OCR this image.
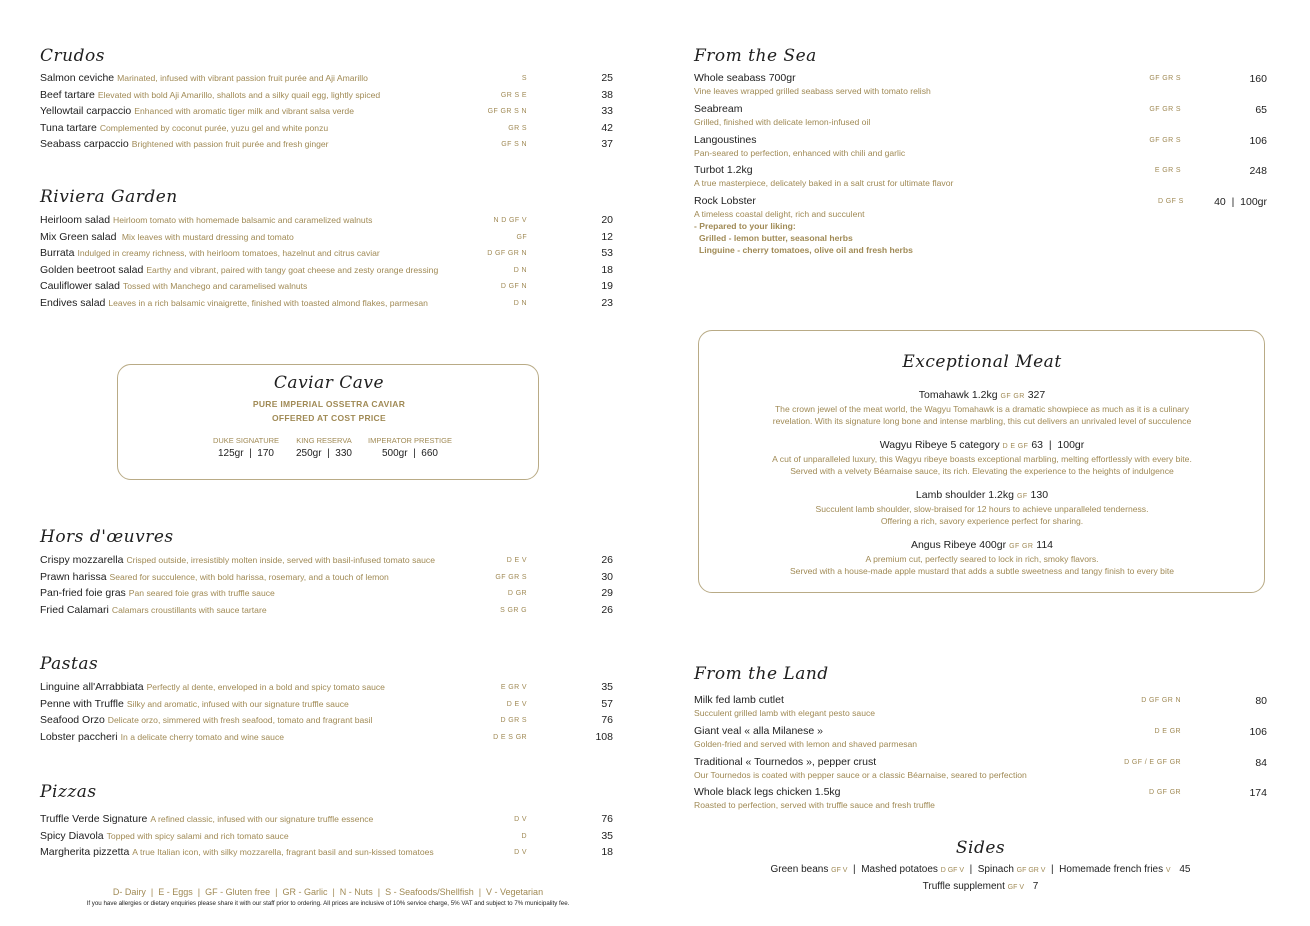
Crudos
Salmon ceviche Marinated, infused with vibrant passion fruit purée and Aji Amarillo	S	25
Beef tartare Elevated with bold Aji Amarillo, shallots and a silky quail egg, lightly spiced	GR S E	38
Yellowtail carpaccio Enhanced with aromatic tiger milk and vibrant salsa verde	GF GR S N	33
Tuna tartare Complemented by coconut purée, yuzu gel and white ponzu	GR S	42
Seabass carpaccio Brightened with passion fruit purée and fresh ginger	GF S N	37
Riviera Garden
Heirloom salad Heirloom tomato with homemade balsamic and caramelized walnuts	N D GF V	20
Mix Green salad Mix leaves with mustard dressing and tomato	GF	12
Burrata Indulged in creamy richness, with heirloom tomatoes, hazelnut and citrus caviar	D GF GR N	53
Golden beetroot salad Earthy and vibrant, paired with tangy goat cheese and zesty orange dressing	D N	18
Cauliflower salad Tossed with Manchego and caramelised walnuts	D GF N	19
Endives salad Leaves in a rich balsamic vinaigrette, finished with toasted almond flakes, parmesan	D N	23
Caviar Cave
PURE IMPERIAL OSSETRA CAVIAR
OFFERED AT COST PRICE
DUKE SIGNATURE
125gr  |  170
KING RESERVA
250gr  |  330
IMPERATOR PRESTIGE
500gr  |  660
Hors d'œuvres
Crispy mozzarella Crisped outside, irresistibly molten inside, served with basil-infused tomato sauce	D E V	26
Prawn harissa Seared for succulence, with bold harissa, rosemary, and a touch of lemon	GF GR S	30
Pan-fried foie gras Pan seared foie gras with truffle sauce	D GR	29
Fried Calamari Calamars croustillants with sauce tartare	S GR G	26
Pastas
Linguine all'Arrabbiata Perfectly al dente, enveloped in a bold and spicy tomato sauce	E GR V	35
Penne with Truffle Silky and aromatic, infused with our signature truffle sauce	D E V	57
Seafood Orzo Delicate orzo, simmered with fresh seafood, tomato and fragrant basil	D GR S	76
Lobster paccheri In a delicate cherry tomato and wine sauce	D E S GR	108
Pizzas
Truffle Verde Signature A refined classic, infused with our signature truffle essence	D V	76
Spicy Diavola Topped with spicy salami and rich tomato sauce	D	35
Margherita pizzetta A true Italian icon, with silky mozzarella, fragrant basil and sun-kissed tomatoes	D V	18
D- Dairy  |  E - Eggs  |  GF - Gluten free  |  GR - Garlic  |  N - Nuts  |  S - Seafoods/Shellfish  |  V - Vegetarian
If you have allergies or dietary enquiries please share it with our staff prior to ordering. All prices are inclusive of 10% service charge, 5% VAT and subject to 7% municipality fee.
From the Sea
Whole seabass 700gr
Vine leaves wrapped grilled seabass served with tomato relish
GF GR S	160
Seabream
Grilled, finished with delicate lemon-infused oil
GF GR S	65
Langoustines
Pan-seared to perfection, enhanced with chili and garlic
GF GR S	106
Turbot 1.2kg
A true masterpiece, delicately baked in a salt crust for ultimate flavor
E GR S	248
Rock Lobster	D GF S	40  |  100gr
A timeless coastal delight, rich and succulent
- Prepared to your liking:
Grilled - lemon butter, seasonal herbs
Linguine - cherry tomatoes, olive oil and fresh herbs
Exceptional Meat
Tomahawk 1.2kg GF GR 327
The crown jewel of the meat world, the Wagyu Tomahawk is a dramatic showpiece as much as it is a culinary
revelation. With its signature long bone and intense marbling, this cut delivers an unrivaled level of succulence
Wagyu Ribeye 5 category D E GF 63  |  100gr
A cut of unparalleled luxury, this Wagyu ribeye boasts exceptional marbling, melting effortlessly with every bite.
Served with a velvety Béarnaise sauce, its rich. Elevating the experience to the heights of indulgence
Lamb shoulder 1.2kg GF 130
Succulent lamb shoulder, slow-braised for 12 hours to achieve unparalleled tenderness.
Offering a rich, savory experience perfect for sharing.
Angus Ribeye 400gr GF GR 114
A premium cut, perfectly seared to lock in rich, smoky flavors.
Served with a house-made apple mustard that adds a subtle sweetness and tangy finish to every bite
From the Land
Milk fed lamb cutlet
Succulent grilled lamb with elegant pesto sauce
D GF GR N	80
Giant veal « alla Milanese »
Golden-fried and served with lemon and shaved parmesan
D E GR	106
Traditional « Tournedos », pepper crust
Our Tournedos is coated with pepper sauce or a classic Béarnaise, seared to perfection
D GF / E GF GR	84
Whole black legs chicken 1.5kg
Roasted to perfection, served with truffle sauce and fresh truffle
D GF GR	174
Sides
Green beans GF V  |  Mashed potatoes D GF V  |  Spinach GF GR V  |  Homemade french fries V 45
Truffle supplement GF V 7
